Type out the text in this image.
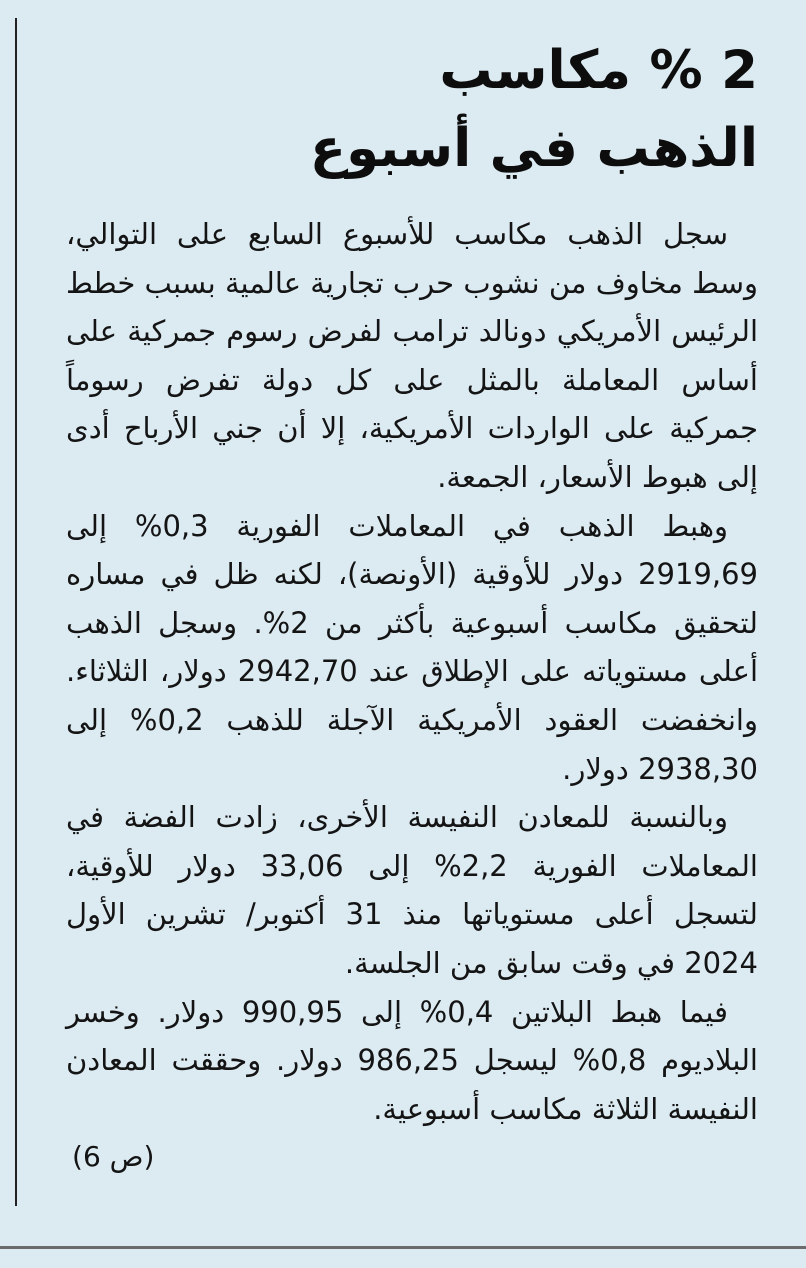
2 % مكاسب
الذهب في أسبوع

سجل الذهب مكاسب للأسبوع السابع على التوالي، وسط مخاوف من نشوب حرب تجارية عالمية بسبب خطط الرئيس الأمريكي دونالد ترامب لفرض رسوم جمركية على أساس المعاملة بالمثل على كل دولة تفرض رسوماً جمركية على الواردات الأمريكية، إلا أن جني الأرباح أدى إلى هبوط الأسعار، الجمعة.

وهبط الذهب في المعاملات الفورية 0,3% إلى 2919,69 دولار للأوقية (الأونصة)، لكنه ظل في مساره لتحقيق مكاسب أسبوعية بأكثر من 2%. وسجل الذهب أعلى مستوياته على الإطلاق عند 2942,70 دولار، الثلاثاء. وانخفضت العقود الأمريكية الآجلة للذهب 0,2% إلى 2938,30 دولار.

وبالنسبة للمعادن النفيسة الأخرى، زادت الفضة في المعاملات الفورية 2,2% إلى 33,06 دولار للأوقية، لتسجل أعلى مستوياتها منذ 31 أكتوبر/ تشرين الأول 2024 في وقت سابق من الجلسة.

فيما هبط البلاتين 0,4% إلى 990,95 دولار. وخسر البلاديوم 0,8% ليسجل 986,25 دولار. وحققت المعادن النفيسة الثلاثة مكاسب أسبوعية.

(ص 6)
